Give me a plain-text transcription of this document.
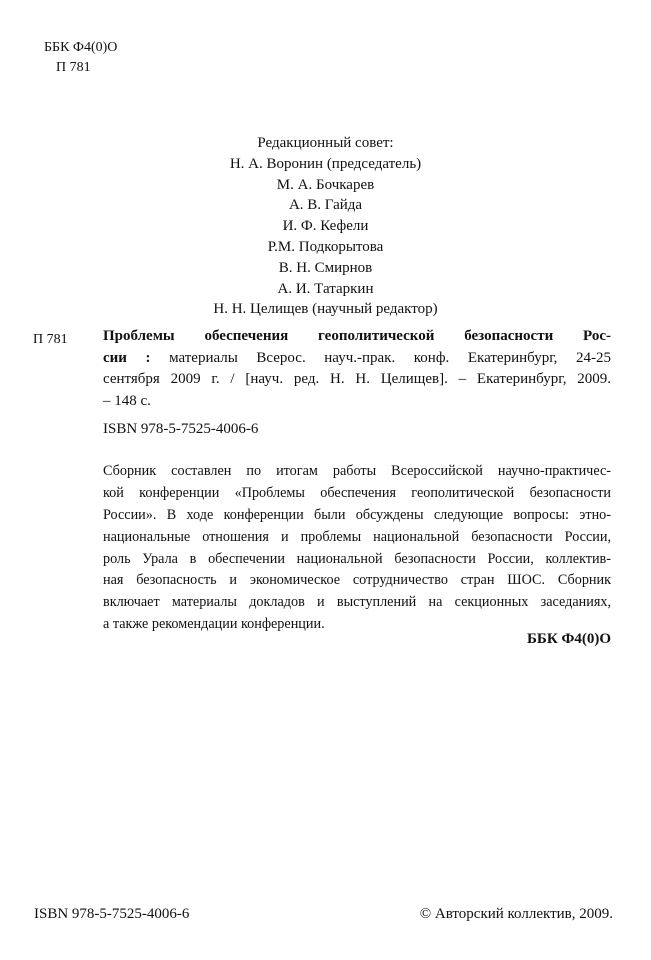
ББК Ф4(0)О
П 781
Редакционный совет:
Н. А. Воронин (председатель)
М. А. Бочкарев
А. В. Гайда
И. Ф. Кефели
Р.М. Подкорытова
В. Н. Смирнов
А. И. Татаркин
Н. Н. Целищев (научный редактор)
П 781 Проблемы обеспечения геополитической безопасности Рос-
сии : материалы Всерос. науч.-прак. конф. Екатеринбург, 24-25
сентября 2009 г. / [науч. ред. Н. Н. Целищев]. – Екатеринбург, 2009.
– 148 с.
ISBN 978-5-7525-4006-6
Сборник составлен по итогам работы Всероссийской научно-практичес-
кой конференции «Проблемы обеспечения геополитической безопасности
России». В ходе конференции были обсуждены следующие вопросы: этно-
национальные отношения и проблемы национальной безопасности России,
роль Урала в обеспечении национальной безопасности России, коллектив-
ная безопасность и экономическое сотрудничество стран ШОС. Сборник
включает материалы докладов и выступлений на секционных заседаниях,
а также рекомендации конференции.
ББК Ф4(0)О
ISBN 978-5-7525-4006-6	© Авторский коллектив, 2009.
